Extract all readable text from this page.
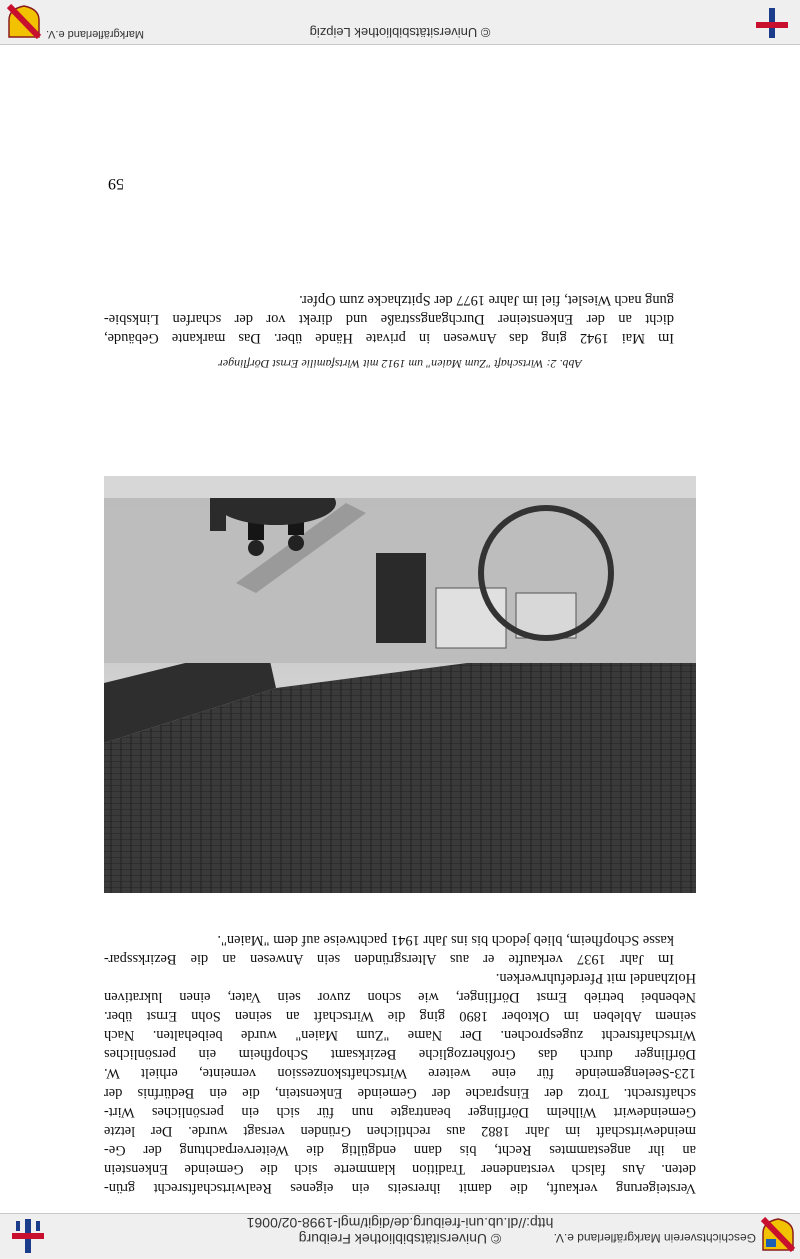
Geschichtsverein Markgräflerland e.V.
© Universitätsbibliothek Freiburg
http://dl.ub.uni-freiburg.de/digit/mgl-1998-02/0061
© Universitätsbibliothek Leipzig
Markgräflerland e.V.

Versteigerung verkauft, die damit ihrerseits ein eigenes Realwirtschaftsrecht grün-
deten. Aus falsch verstandener Tradition klammerte sich die Gemeinde Enkenstein
an ihr angestammtes Recht, bis dann endgültig die Weiterverpachtung der Ge-
meindewirtschaft im Jahr 1882 aus rechtlichen Gründen versagt wurde. Der letzte
Gemeindewirt Wilhelm Dörflinger beantragte nun für sich ein persönliches Wirt-
schaftsrecht. Trotz der Einsprache der Gemeinde Enkenstein, die ein Bedürfnis der
123-Seelengemeinde für eine weitere Wirtschaftskonzession verneinte, erhielt W.
Dörflinger durch das Großherzogliche Bezirksamt Schopfheim ein persönliches
Wirtschaftsrecht zugesprochen. Der Name "Zum Maien" wurde beibehalten. Nach
seinem Ableben im Oktober 1890 ging die Wirtschaft an seinen Sohn Ernst über.
Nebenbei betrieb Ernst Dörflinger, wie schon zuvor sein Vater, einen lukrativen
Holzhandel mit Pferdefuhrwerken.

Im Jahr 1937 verkaufte er aus Altersgründen sein Anwesen an die Bezirksspar-
kasse Schopfheim, blieb jedoch bis ins Jahr 1941 pachtweise auf dem "Maien".

Abb. 2: Wirtschaft "Zum Maien" um 1912 mit Wirtsfamilie Ernst Dörflinger

Im Mai 1942 ging das Anwesen in private Hände über. Das markante Gebäude,
dicht an der Enkensteiner Durchgangsstraße und direkt vor der scharfen Linksbie-
gung nach Wieslet, fiel im Jahre 1977 der Spitzhacke zum Opfer.

59
